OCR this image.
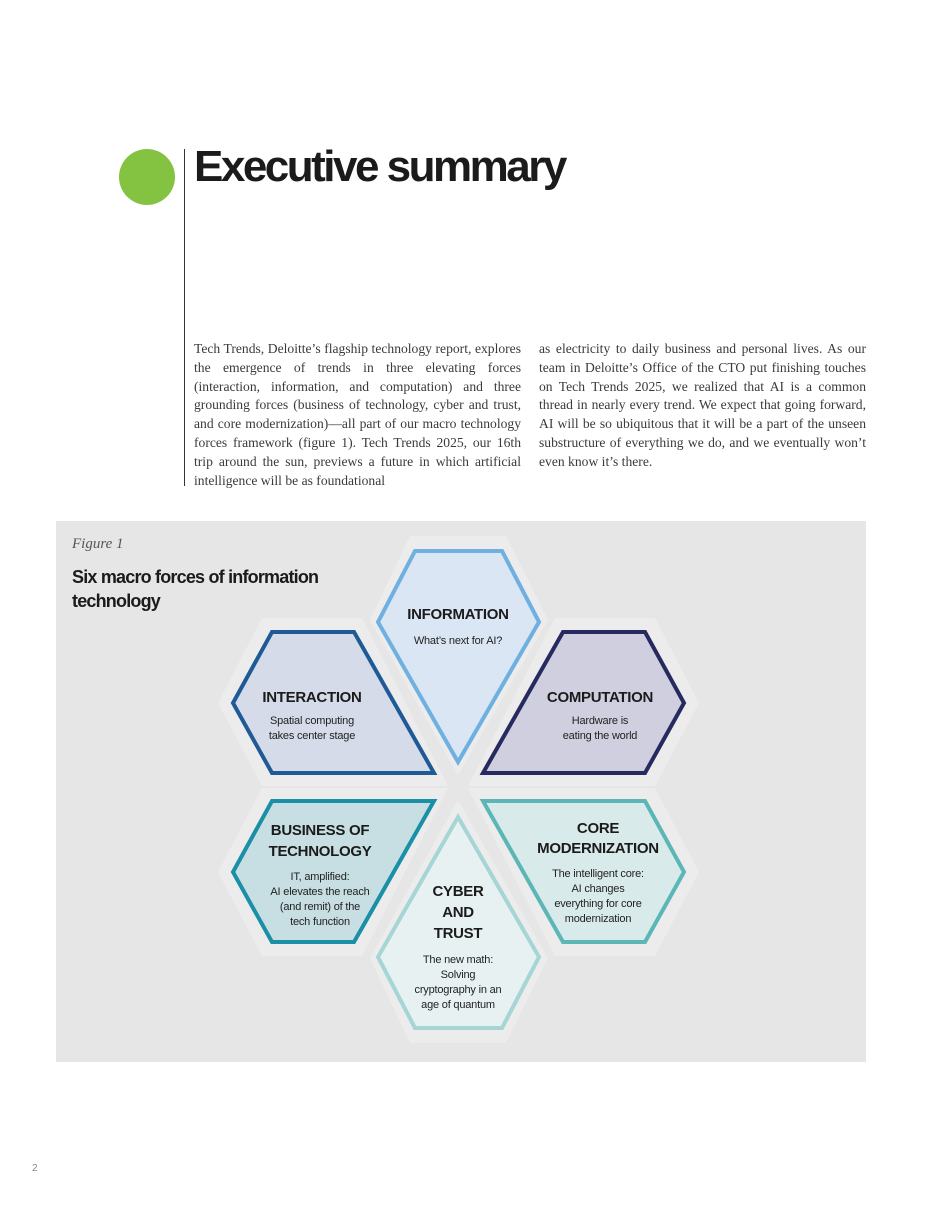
Executive summary

Tech Trends, Deloitte’s flagship technology report, explores the emergence of trends in three elevating forces (interaction, information, and computation) and three grounding forces (business of technology, cyber and trust, and core modernization)—all part of our macro technology forces framework (figure 1). Tech Trends 2025, our 16th trip around the sun, previews a future in which artificial intelligence will be as foundational

as electricity to daily business and personal lives. As our team in Deloitte’s Office of the CTO put finishing touches on Tech Trends 2025, we realized that AI is a common thread in nearly every trend. We expect that going forward, AI will be so ubiquitous that it will be a part of the unseen substructure of everything we do, and we eventually won’t even know it’s there.

Figure 1
Six macro forces of information technology
INFORMATION
What’s next for AI?
INTERACTION
Spatial computing
takes center stage
COMPUTATION
Hardware is
eating the world
BUSINESS OF
TECHNOLOGY
IT, amplified:
AI elevates the reach
(and remit) of the
tech function
CORE
MODERNIZATION
The intelligent core:
AI changes
everything for core
modernization
CYBER
AND
TRUST
The new math:
Solving
cryptography in an
age of quantum
2
